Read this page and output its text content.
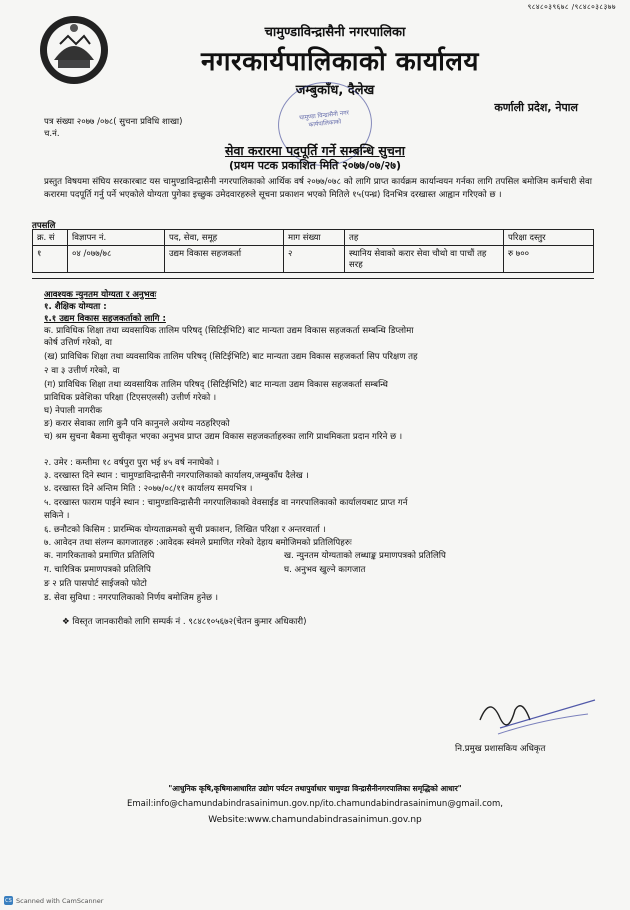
९८४८०३९६७८ /९८४८०३८३७७
चामुण्डाविन्द्रासैनी नगरपालिका
नगरकार्यपालिकाको कार्यालय
जम्बुकाँध, दैलेख
चामुण्डा विन्द्रासैनी नगर कार्यपालिकाको
कर्णाली प्रदेश, नेपाल
पत्र संख्या २०७७ /०७८( सुचना प्रविधि शाखा)
च.नं.
सेवा करारमा पदपूर्ति गर्ने सम्बन्धि सुचना
(प्रथम पटक प्रकाशित मिति २०७७/०७/२७)
प्रस्तुत विषयमा संघिय सरकारबाट यस चामुण्डाविन्द्रासैनी नगरपालिकाको आर्थिक वर्ष २०७७/०७८ को लागि प्राप्त कार्यक्रम कार्यान्वयन गर्नका लागि तपसिल बमोजिम कर्मचारी सेवा करारमा पदपूर्ति गर्नु पर्ने भएकोले योग्यता पुगेका इच्छुक उमेदवारहरुले सूचना प्रकाशन भएको मितिले १५(पन्ध्र) दिनभित्र दरखास्त आह्वान गरिएको छ ।
तपसलि
क्र. सं	विज्ञापन नं.	पद, सेवा, समूह	माग संख्या	तह	परिक्षा दस्तुर
१	०४ /०७७/७८	उद्यम विकास सहजकर्ता	२	स्थानिय सेवाको करार सेवा चौथो वा पाचौं तह सरह	रु ७००
आवश्यक न्युनतम योग्यता र अनुभवः
१. शैक्षिक योग्यता :
१.१ उद्यम विकास सहजकर्ताको लागि :
क. प्राविधिक शिक्षा तथा व्यवसायिक तालिम परिषद् (सिटिईभिटि) बाट मान्यता उद्यम विकास सहजकर्ता सम्बन्धि डिप्लोमा
कोर्ष उत्तिर्ण गरेको, वा
(ख) प्राविधिक शिक्षा तथा व्यवसायिक तालिम परिषद् (सिटिईभिटि) बाट मान्यता उद्यम विकास सहजकर्ता सिप परिक्षण तह
२ वा ३ उत्तीर्ण गरेको, वा
(ग) प्राविधिक शिक्षा तथा व्यवसायिक तालिम परिषद् (सिटिईभिटि) बाट मान्यता उद्यम विकास सहजकर्ता सम्बन्धि
प्राविधिक प्रवेशिका परिक्षा (टिएसएलसी) उत्तीर्ण गरेको ।
घ) नेपाली नागरीक
ङ) करार सेवाका लागि कुनै पनि कानुनले अयोग्य नठहरिएको
च) श्रम सुचना बैकमा सुचीकृत भएका अनुभव प्राप्त उद्यम विकास सहजकर्ताहरुका लागि प्राथमिकता प्रदान गरिने छ ।
२. उमेर : कम्तीमा १८ वर्षपुरा पुरा भई ४५ वर्ष ननाघेको ।
३. दरखास्त दिने स्थान : चामुण्डाविन्द्रासैनी नगरपालिकाको कार्यालय,जम्बुकाँध दैलेख ।
४. दरखास्त दिने अन्तिम मिति : २०७७/०८/११ कार्यालय समयभित्र ।
५. दरखास्त फाराम पाईने स्थान : चामुण्डाविन्द्रासैनी नगरपालिकाको वेवसाईड वा नगरपालिकाको कार्यालयबाट प्राप्त गर्न
सकिने ।
६. छनौटको किसिम : प्रारम्भिक योग्यताक्रमको सुची प्रकाशन, लिखित परिक्षा र अन्तरवार्ता ।
७. आवेदन तथा संलग्न कागजातहरु :आवेदक स्वंमले प्रमाणित गरेको देहाय बमोजिमको प्रतिलिपिहरुः
क. नागरिकताको प्रमाणित प्रतिलिपि	ख. न्युनतम योग्यताको लब्धाङ्क प्रमाणपत्रको प्रतिलिपि
ग. चारित्रिक प्रमाणपत्रको प्रतिलिपि	घ. अनुभव खुल्ने कागजात
ङ २ प्रति पासपोर्ट साईजको फोटो
ड. सेवा सुविधा : नगरपालिकाको निर्णय बमोजिम हुनेछ ।
❖ विस्तृत जानकारीको लागि सम्पर्क नं . ९८४८१०५६७२(चेतन कुमार अधिकारी)
नि.प्रमुख प्रशासकिय अधिकृत
"आधुनिक कृषि,कृषिमाआधारित उद्योग पर्यटन तथापुर्वाधार चामुण्डा विन्द्रासैनीनगरपालिका समृद्धिको आधार"
Email:info@chamundabindrasainimun.gov.np/ito.chamundabindrasainimun@gmail.com,
Website:www.chamundabindrasainimun.gov.np
CS Scanned with CamScanner
